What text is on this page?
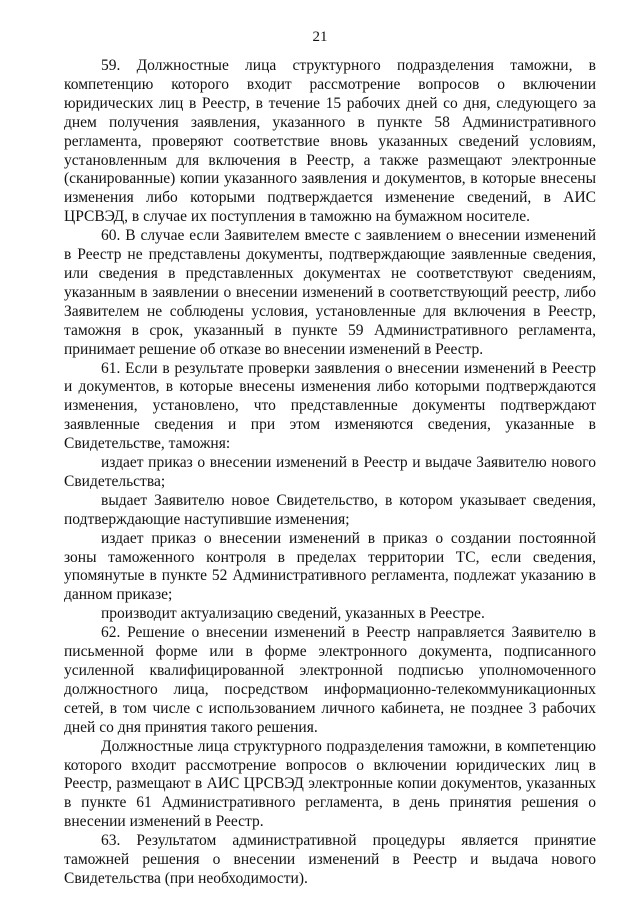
21

59. Должностные лица структурного подразделения таможни, в компетенцию которого входит рассмотрение вопросов о включении юридических лиц в Реестр, в течение 15 рабочих дней со дня, следующего за днем получения заявления, указанного в пункте 58 Административного регламента, проверяют соответствие вновь указанных сведений условиям, установленным для включения в Реестр, а также размещают электронные (сканированные) копии указанного заявления и документов, в которые внесены изменения либо которыми подтверждается изменение сведений, в АИС ЦРСВЭД, в случае их поступления в таможню на бумажном носителе.

60. В случае если Заявителем вместе с заявлением о внесении изменений в Реестр не представлены документы, подтверждающие заявленные сведения, или сведения в представленных документах не соответствуют сведениям, указанным в заявлении о внесении изменений в соответствующий реестр, либо Заявителем не соблюдены условия, установленные для включения в Реестр, таможня в срок, указанный в пункте 59 Административного регламента, принимает решение об отказе во внесении изменений в Реестр.

61. Если в результате проверки заявления о внесении изменений в Реестр и документов, в которые внесены изменения либо которыми подтверждаются изменения, установлено, что представленные документы подтверждают заявленные сведения и при этом изменяются сведения, указанные в Свидетельстве, таможня:

издает приказ о внесении изменений в Реестр и выдаче Заявителю нового Свидетельства;

выдает Заявителю новое Свидетельство, в котором указывает сведения, подтверждающие наступившие изменения;

издает приказ о внесении изменений в приказ о создании постоянной зоны таможенного контроля в пределах территории ТС, если сведения, упомянутые в пункте 52 Административного регламента, подлежат указанию в данном приказе;

производит актуализацию сведений, указанных в Реестре.

62. Решение о внесении изменений в Реестр направляется Заявителю в письменной форме или в форме электронного документа, подписанного усиленной квалифицированной электронной подписью уполномоченного должностного лица, посредством информационно-телекоммуникационных сетей, в том числе с использованием личного кабинета, не позднее 3 рабочих дней со дня принятия такого решения.

Должностные лица структурного подразделения таможни, в компетенцию которого входит рассмотрение вопросов о включении юридических лиц в Реестр, размещают в АИС ЦРСВЭД электронные копии документов, указанных в пункте 61 Административного регламента, в день принятия решения о внесении изменений в Реестр.

63. Результатом административной процедуры является принятие таможней решения о внесении изменений в Реестр и выдача нового Свидетельства (при необходимости).
